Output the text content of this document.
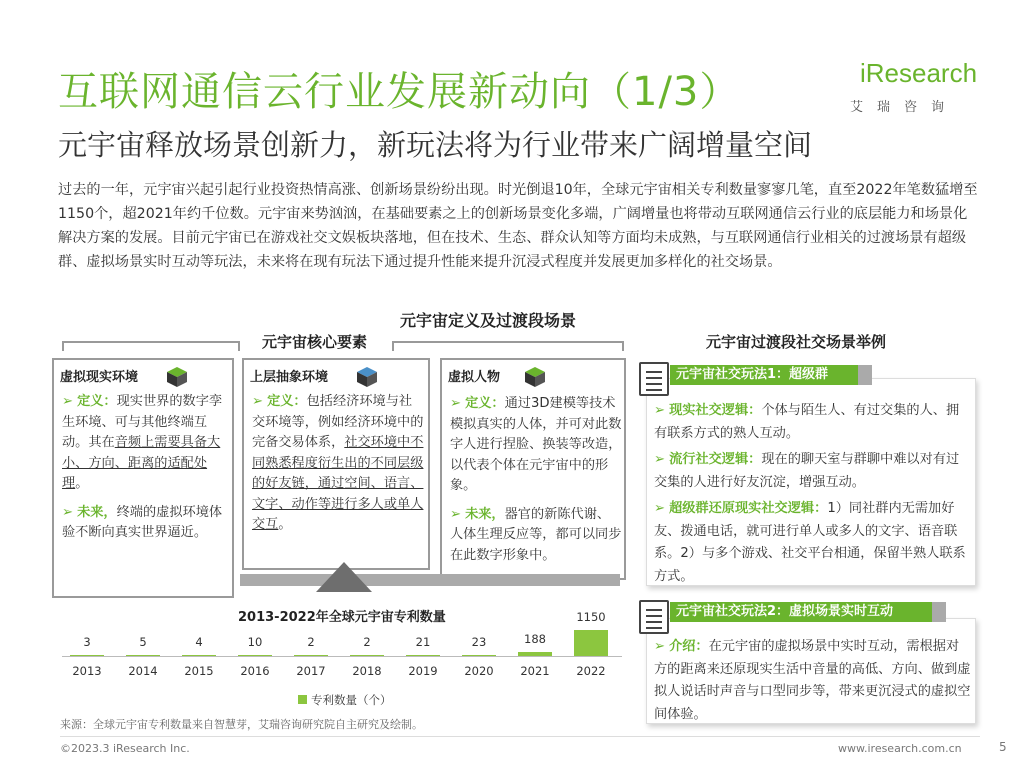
互联网通信云行业发展新动向（1/3）
元宇宙释放场景创新力，新玩法将为行业带来广阔增量空间
iResearch
艾瑞咨询
过去的一年，元宇宙兴起引起行业投资热情高涨、创新场景纷纷出现。时光倒退10年，全球元宇宙相关专利数量寥寥几笔，直至2022年笔数猛增至1150个，超2021年约千位数。元宇宙来势汹汹，在基础要素之上的创新场景变化多端，广阔增量也将带动互联网通信云行业的底层能力和场景化解决方案的发展。目前元宇宙已在游戏社交文娱板块落地，但在技术、生态、群众认知等方面均未成熟，与互联网通信行业相关的过渡场景有超级群、虚拟场景实时互动等玩法，未来将在现有玩法下通过提升性能来提升沉浸式程度并发展更加多样化的社交场景。
元宇宙定义及过渡段场景
元宇宙核心要素	元宇宙过渡段社交场景举例
虚拟现实环境
➢ 定义：现实世界的数字孪生环境、可与其他终端互动。其在音频上需要具备大小、方向、距离的适配处理。
➢ 未来，终端的虚拟环境体验不断向真实世界逼近。
上层抽象环境
➢ 定义：包括经济环境与社交环境等，例如经济环境中的完备交易体系，社交环境中不同熟悉程度衍生出的不同层级的好友链，通过空间、语言、文字、动作等进行多人或单人交互。
虚拟人物
➢ 定义：通过3D建模等技术模拟真实的人体，并可对此数字人进行捏脸、换装等改造，以代表个体在元宇宙中的形象。
➢ 未来，器官的新陈代谢、人体生理反应等，都可以同步在此数字形象中。
2013-2022年全球元宇宙专利数量
3
2013
5
2014
4
2015
10
2016
2
2017
2
2018
21
2019
23
2020
188
2021
1150
2022
专利数量（个）
来源：全球元宇宙专利数量来自智慧芽，艾瑞咨询研究院自主研究及绘制。
元宇宙社交玩法1：超级群
➢ 现实社交逻辑：个体与陌生人、有过交集的人、拥有联系方式的熟人互动。
➢ 流行社交逻辑：现在的聊天室与群聊中难以对有过交集的人进行好友沉淀，增强互动。
➢ 超级群还原现实社交逻辑：1）同社群内无需加好友、拨通电话，就可进行单人或多人的文字、语音联系。2）与多个游戏、社交平台相通，保留半熟人联系方式。
元宇宙社交玩法2：虚拟场景实时互动
➢ 介绍：在元宇宙的虚拟场景中实时互动，需根据对方的距离来还原现实生活中音量的高低、方向、做到虚拟人说话时声音与口型同步等，带来更沉浸式的虚拟空间体验。
©2023.3 iResearch Inc.	www.iresearch.com.cn	5
